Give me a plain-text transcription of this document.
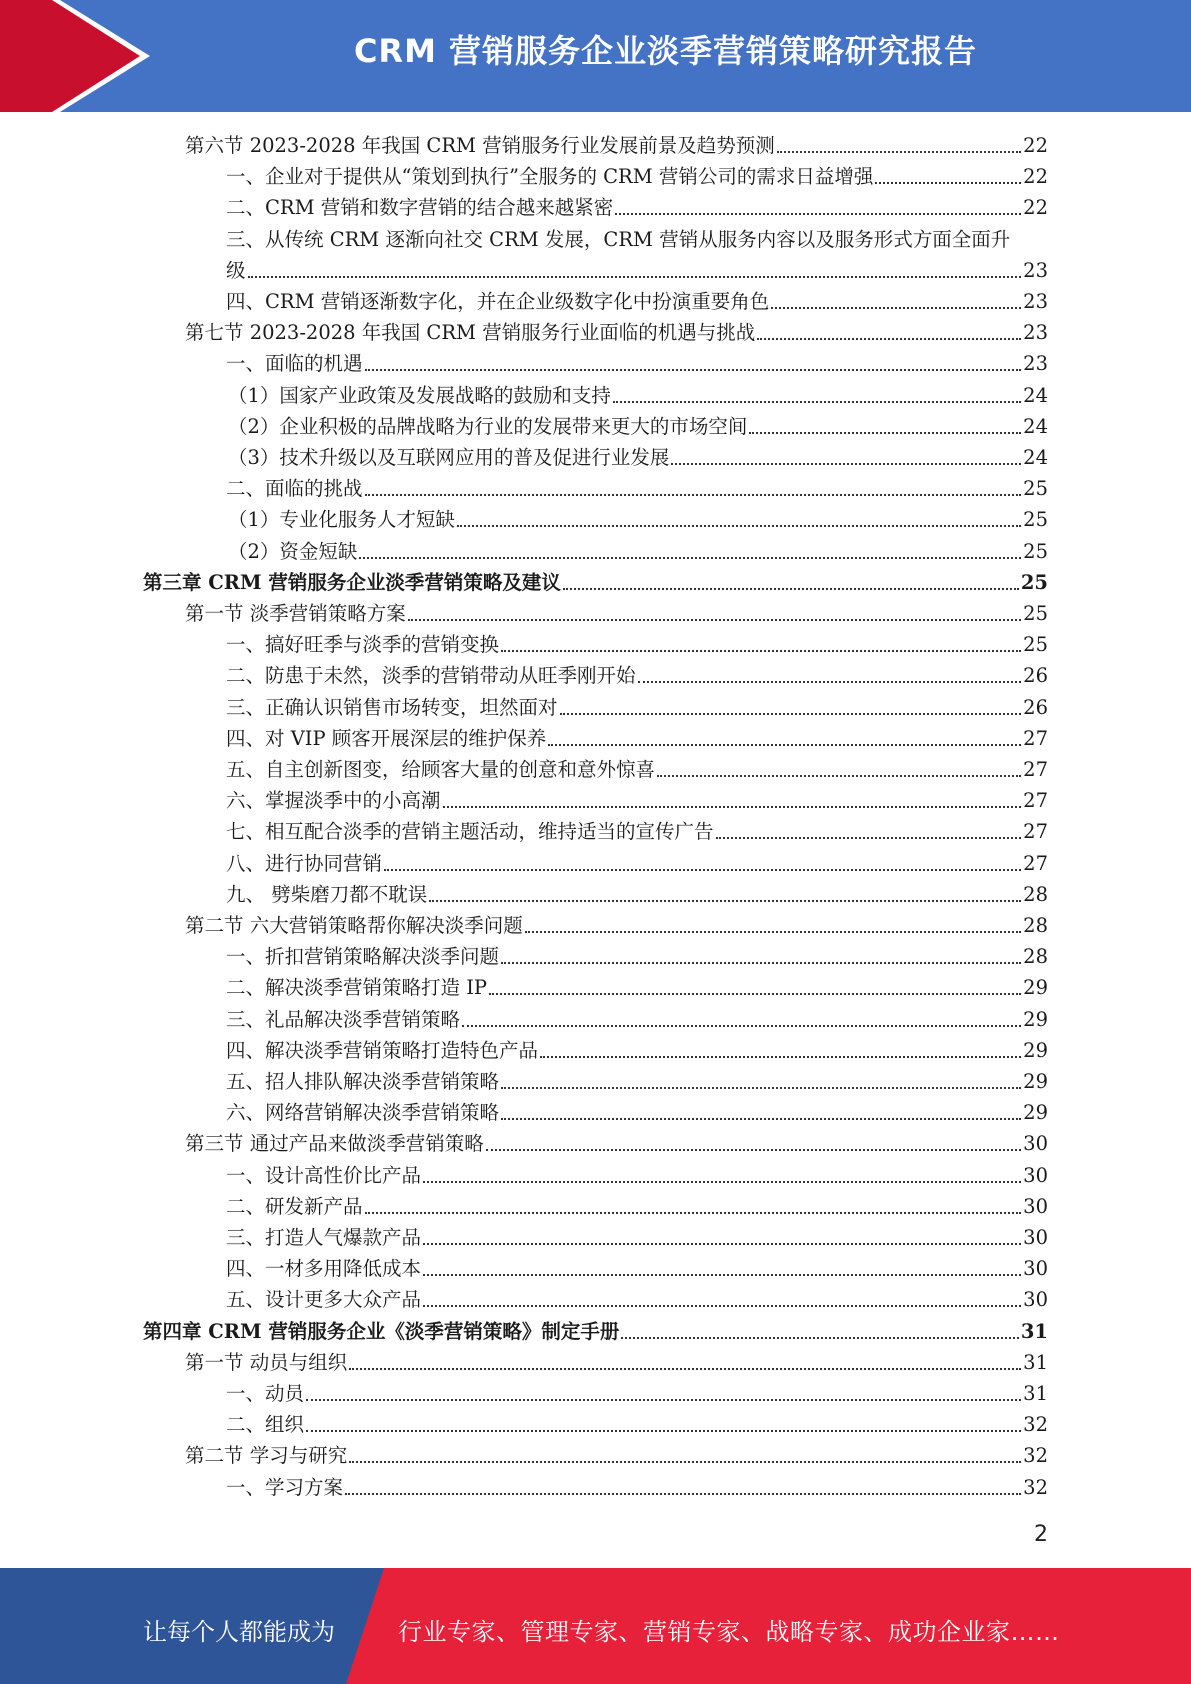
CRM 营销服务企业淡季营销策略研究报告
第六节 2023-2028 年我国 CRM 营销服务行业发展前景及趋势预测	22
一、企业对于提供从“策划到执行”全服务的 CRM 营销公司的需求日益增强	22
二、CRM 营销和数字营销的结合越来越紧密	22
三、从传统 CRM 逐渐向社交 CRM 发展，CRM 营销从服务内容以及服务形式方面全面升
级	23
四、CRM 营销逐渐数字化，并在企业级数字化中扮演重要角色	23
第七节 2023-2028 年我国 CRM 营销服务行业面临的机遇与挑战	23
一、面临的机遇	23
（1）国家产业政策及发展战略的鼓励和支持	24
（2）企业积极的品牌战略为行业的发展带来更大的市场空间	24
（3）技术升级以及互联网应用的普及促进行业发展	24
二、面临的挑战	25
（1）专业化服务人才短缺	25
（2）资金短缺	25
第三章 CRM 营销服务企业淡季营销策略及建议	25
第一节 淡季营销策略方案	25
一、搞好旺季与淡季的营销变换	25
二、防患于未然，淡季的营销带动从旺季刚开始	26
三、正确认识销售市场转变，坦然面对	26
四、对 VIP 顾客开展深层的维护保养	27
五、自主创新图变，给顾客大量的创意和意外惊喜	27
六、掌握淡季中的小高潮	27
七、相互配合淡季的营销主题活动，维持适当的宣传广告	27
八、进行协同营销	27
九、 劈柴磨刀都不耽误	28
第二节 六大营销策略帮你解决淡季问题	28
一、折扣营销策略解决淡季问题	28
二、解决淡季营销策略打造 IP	29
三、礼品解决淡季营销策略	29
四、解决淡季营销策略打造特色产品	29
五、招人排队解决淡季营销策略	29
六、网络营销解决淡季营销策略	29
第三节 通过产品来做淡季营销策略	30
一、设计高性价比产品	30
二、研发新产品	30
三、打造人气爆款产品	30
四、一材多用降低成本	30
五、设计更多大众产品	30
第四章 CRM 营销服务企业《淡季营销策略》制定手册	31
第一节 动员与组织	31
一、动员	31
二、组织	32
第二节 学习与研究	32
一、学习方案	32
2
让每个人都能成为	行业专家、管理专家、营销专家、战略专家、成功企业家……
